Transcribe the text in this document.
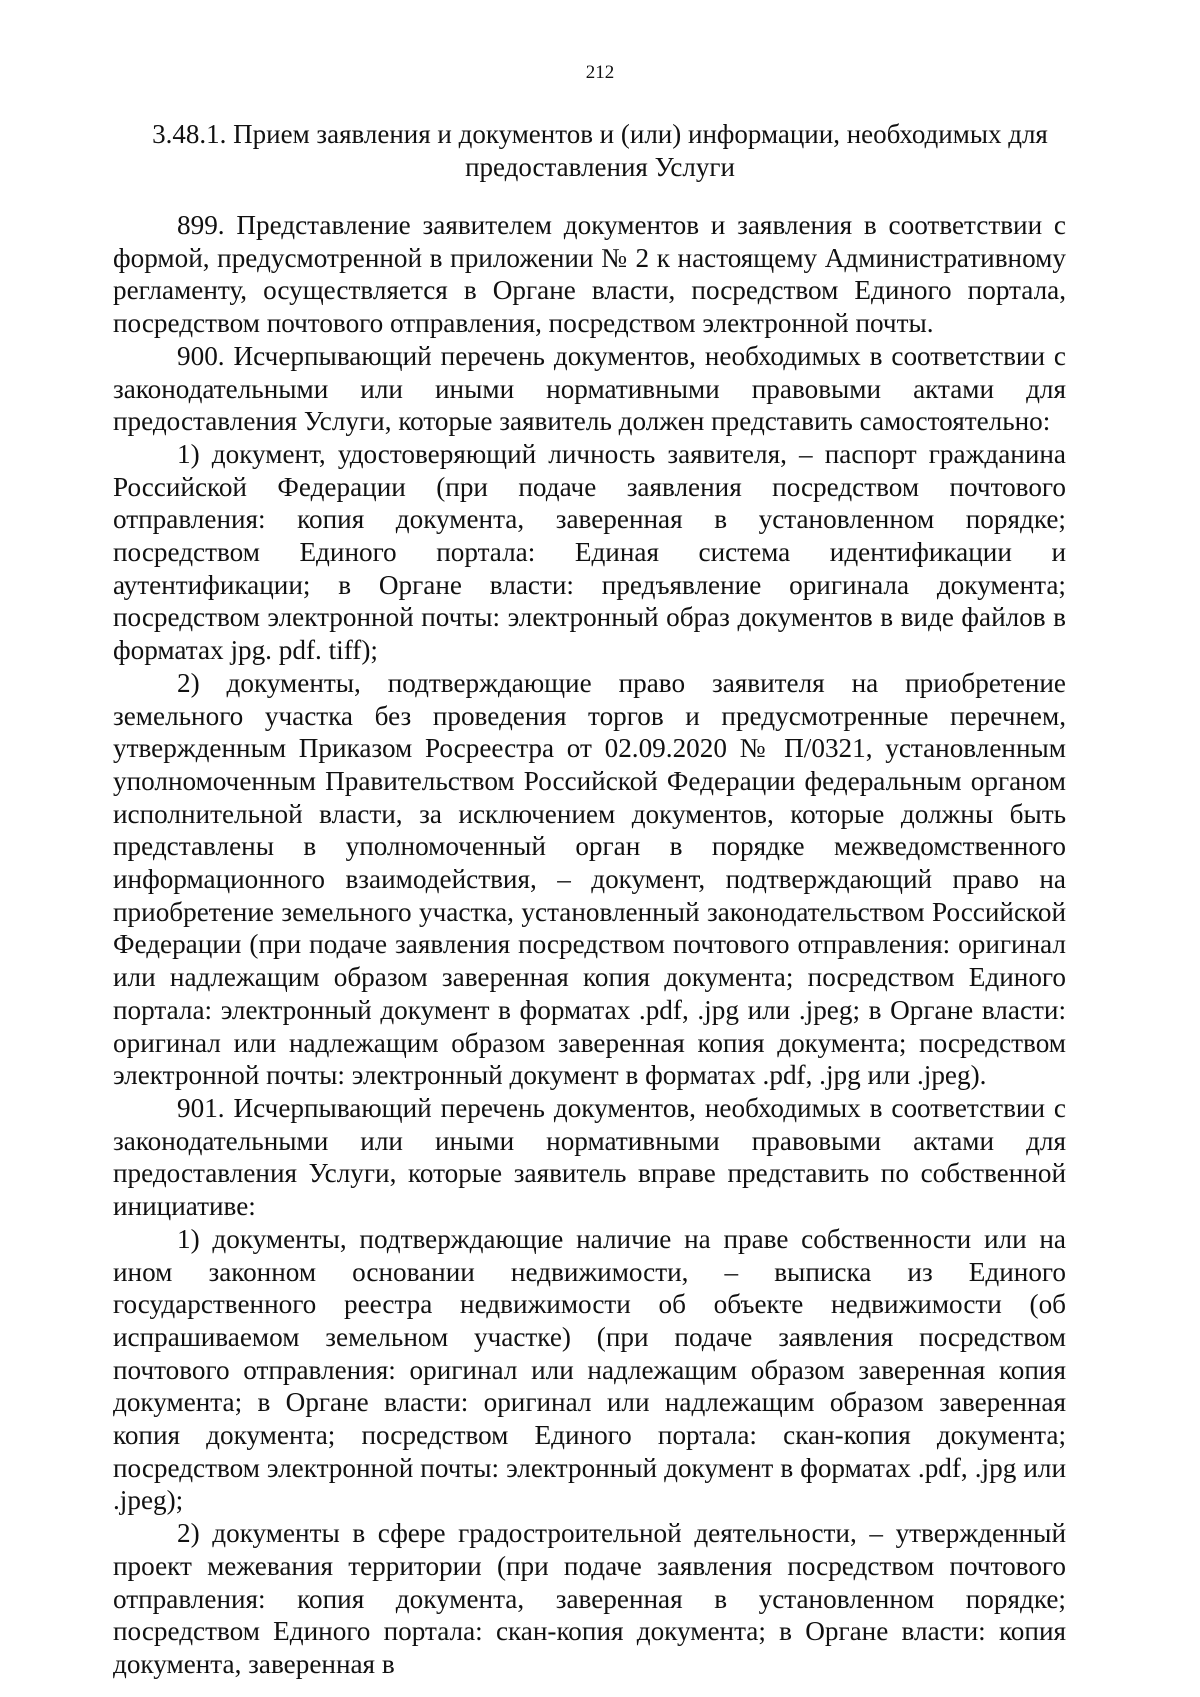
212
3.48.1. Прием заявления и документов и (или) информации, необходимых для предоставления Услуги

899. Представление заявителем документов и заявления в соответствии с формой, предусмотренной в приложении № 2 к настоящему Административному регламенту, осуществляется в Органе власти, посредством Единого портала, посредством почтового отправления, посредством электронной почты.

900. Исчерпывающий перечень документов, необходимых в соответствии с законодательными или иными нормативными правовыми актами для предоставления Услуги, которые заявитель должен представить самостоятельно:

1) документ, удостоверяющий личность заявителя, – паспорт гражданина Российской Федерации (при подаче заявления посредством почтового отправления: копия документа, заверенная в установленном порядке; посредством Единого портала: Единая система идентификации и аутентификации; в Органе власти: предъявление оригинала документа; посредством электронной почты: электронный образ документов в виде файлов в форматах jpg. pdf. tiff);

2) документы, подтверждающие право заявителя на приобретение земельного участка без проведения торгов и предусмотренные перечнем, утвержденным Приказом Росреестра от 02.09.2020 № П/0321, установленным уполномоченным Правительством Российской Федерации федеральным органом исполнительной власти, за исключением документов, которые должны быть представлены в уполномоченный орган в порядке межведомственного информационного взаимодействия, – документ, подтверждающий право на приобретение земельного участка, установленный законодательством Российской Федерации (при подаче заявления посредством почтового отправления: оригинал или надлежащим образом заверенная копия документа; посредством Единого портала: электронный документ в форматах .pdf, .jpg или .jpeg; в Органе власти: оригинал или надлежащим образом заверенная копия документа; посредством электронной почты: электронный документ в форматах .pdf, .jpg или .jpeg).

901. Исчерпывающий перечень документов, необходимых в соответствии с законодательными или иными нормативными правовыми актами для предоставления Услуги, которые заявитель вправе представить по собственной инициативе:

1) документы, подтверждающие наличие на праве собственности или на ином законном основании недвижимости, – выписка из Единого государственного реестра недвижимости об объекте недвижимости (об испрашиваемом земельном участке) (при подаче заявления посредством почтового отправления: оригинал или надлежащим образом заверенная копия документа; в Органе власти: оригинал или надлежащим образом заверенная копия документа; посредством Единого портала: скан-копия документа; посредством электронной почты: электронный документ в форматах .pdf, .jpg или .jpeg);

2) документы в сфере градостроительной деятельности, – утвержденный проект межевания территории (при подаче заявления посредством почтового отправления: копия документа, заверенная в установленном порядке; посредством Единого портала: скан-копия документа; в Органе власти: копия документа, заверенная в
